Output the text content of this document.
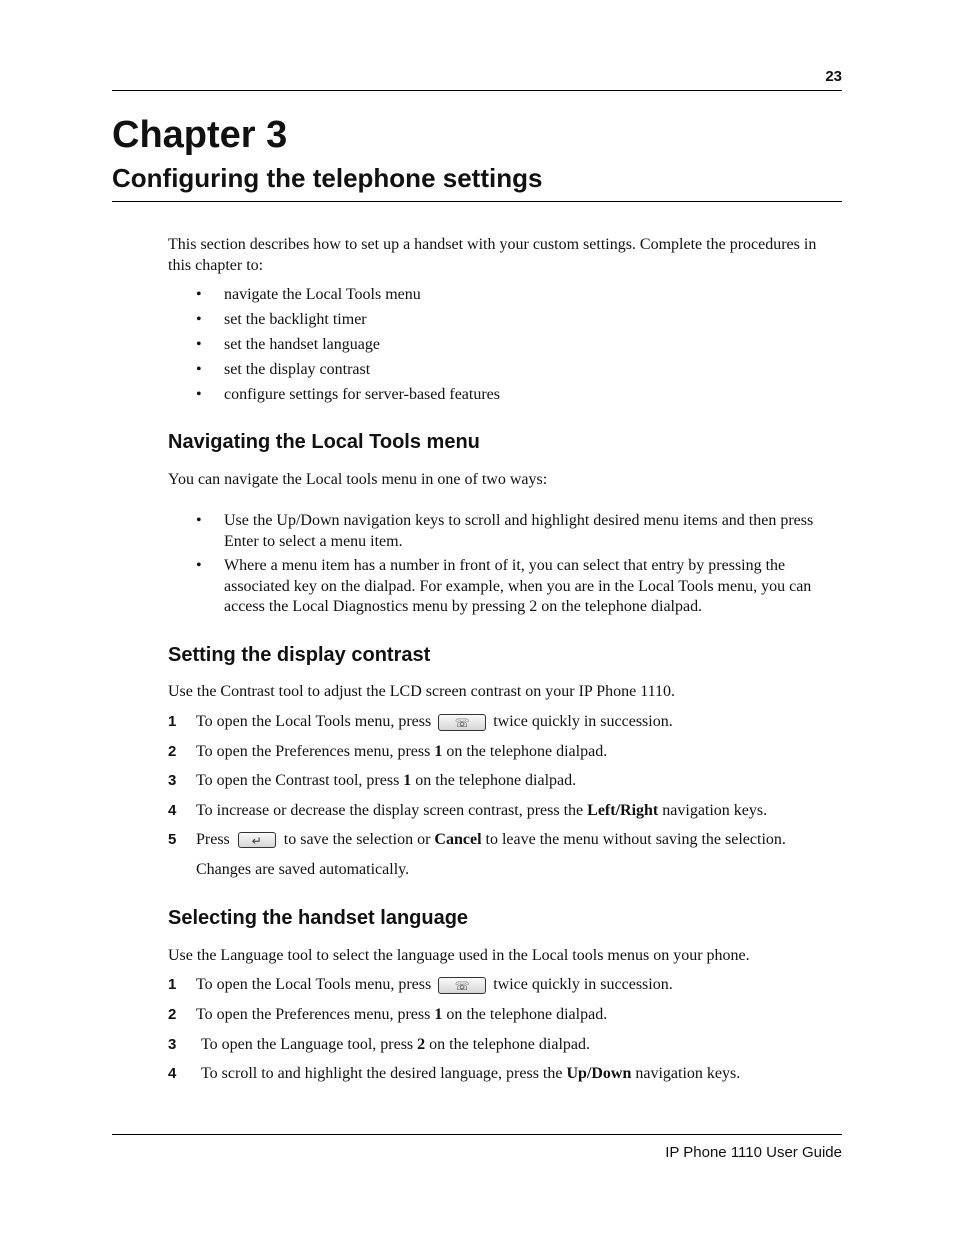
23
Chapter 3
Configuring the telephone settings

This section describes how to set up a handset with your custom settings. Complete the procedures in this chapter to:

• navigate the Local Tools menu
• set the backlight timer
• set the handset language
• set the display contrast
• configure settings for server-based features
Navigating the Local Tools menu

You can navigate the Local tools menu in one of two ways:

• Use the Up/Down navigation keys to scroll and highlight desired menu items and then press Enter to select a menu item.
• Where a menu item has a number in front of it, you can select that entry by pressing the associated key on the dialpad. For example, when you are in the Local Tools menu, you can access the Local Diagnostics menu by pressing 2 on the telephone dialpad.
Setting the display contrast

Use the Contrast tool to adjust the LCD screen contrast on your IP Phone 1110.

1 To open the Local Tools menu, press	☏	twice quickly in succession.
2 To open the Preferences menu, press 1 on the telephone dialpad.
3 To open the Contrast tool, press 1 on the telephone dialpad.
4 To increase or decrease the display screen contrast, press the Left/Right navigation keys.
5 Press	↵	to save the selection or Cancel to leave the menu without saving the selection.

Changes are saved automatically.

Selecting the handset language

Use the Language tool to select the language used in the Local tools menus on your phone.

1 To open the Local Tools menu, press	☏	twice quickly in succession.
2 To open the Preferences menu, press 1 on the telephone dialpad.
3 To open the Language tool, press 2 on the telephone dialpad.
4 To scroll to and highlight the desired language, press the Up/Down navigation keys.
IP Phone 1110 User Guide
